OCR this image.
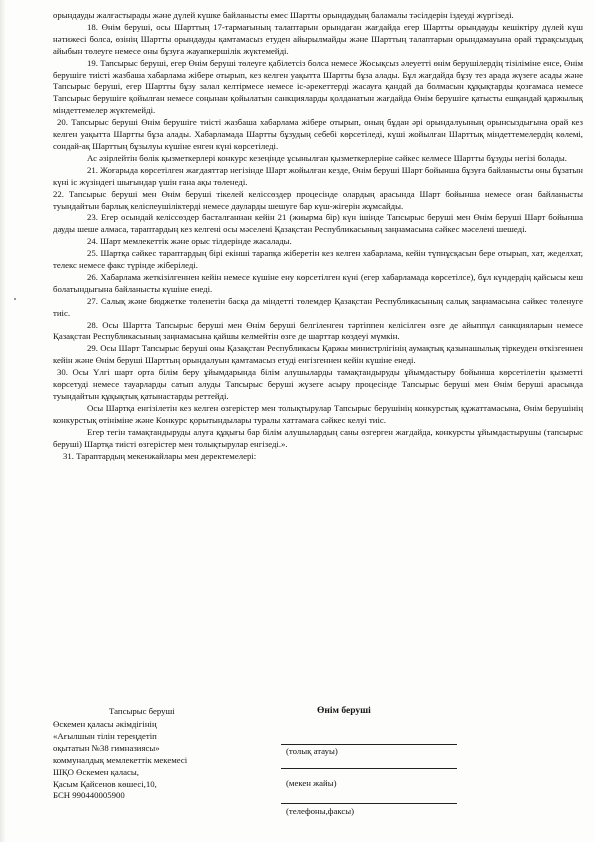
орындауды жалғастырады және дүлей күшке байланысты емес Шартты орындаудың баламалы тәсілдерін іздеуді жүргізеді.

18. Өнім беруші, осы Шарттың 17-тармағының талаптарын орындаған жағдайда егер Шартты орындауды кешіктіру дүлей күш нәтижесі болса, өзінің Шартты орындауды қамтамасыз етуден айырылмайды және Шарттың талаптарын орындамауына орай тұрақсыздық айыбын төлеуге немесе оны бұзуға жауапкершілік жүктемейді.

19. Тапсырыс беруші, егер Өнім беруші төлеуге қабілетсіз болса немесе Жосықсыз әлеуетті өнім берушілердің тізіліміне енсе, Өнім берушіге тиісті жазбаша хабарлама жібере отырып, кез келген уақытта Шартты бұза алады. Бұл жағдайда бұзу тез арада жүзеге асады және Тапсырыс беруші, егер Шартты бұзу залал келтірмесе немесе іс-әрекеттерді жасауға қандай да болмасын құқықтарды қозғамаса немесе Тапсырыс берушіге қойылған немесе соңынан қойылатын санкцияларды қолданатын жағдайда Өнім берушіге қатысты ешқандай қаржылық міндеттемелер жүктемейді.

20. Тапсырыс беруші Өнім берушіге тиісті жазбаша хабарлама жібере отырып, оның бұдан әрі орындалуының орынсыздығына орай кез келген уақытта Шартты бұза алады. Хабарламада Шартты бұзудың себебі көрсетіледі, күші жойылған Шарттық міндеттемелердің көлемі, сондай-ақ Шарттың бұзылуы күшіне енген күні көрсетіледі.

Ас әзірлейтін бөлік қызметкерлері конкурс кезеңінде ұсынылған қызметкерлеріне сәйкес келмесе Шартты бұзуды негізі болады.

21. Жоғарыда көрсетілген жағдаяттар негізінде Шарт жойылған кезде, Өнім беруші Шарт бойынша бұзуға байланысты оны бұзатын күні іс жүзіндегі шығындар үшін ғана ақы төленеді.

22. Тапсырыс беруші мен Өнім беруші тікелей келіссөздер процесінде олардың арасында Шарт бойынша немесе оған байланысты туындайтын барлық келіспеушіліктерді немесе дауларды шешуге бар күш-жігерін жұмсайды.

23. Егер осындай келіссөздер басталғаннан кейін 21 (жиырма бір) күн ішінде Тапсырыс беруші мен Өнім беруші Шарт бойынша дауды шеше алмаса, тараптардың кез келгені осы мәселені Қазақстан Республикасының заңнамасына сәйкес мәселені шешеді.

24. Шарт мемлекеттік және орыс тілдерінде жасалады.

25. Шартқа сәйкес тараптардың бірі екінші тарапқа жіберетін кез келген хабарлама, кейін түпнұсқасын бере отырып, хат, жеделхат, телекс немесе факс түрінде жіберіледі.

26. Хабарлама жеткізілгеннен кейін немесе күшіне ену көрсетілген күні (егер хабарламада көрсетілсе), бұл күндердің қайсысы кеш болатындығына байланысты күшіне енеді.

27. Салық және бюджетке төленетін басқа да міндетті төлемдер Қазақстан Республикасының салық заңнамасына сәйкес төленуге тиіс.

28. Осы Шартта Тапсырыс беруші мен Өнім беруші белгіленген тәртіппен келісілген өзге де айыппұл санкцияларын немесе Қазақстан Республикасының заңнамасына қайшы келмейтін өзге де шарттар көздеуі мүмкін.

29. Осы Шарт Тапсырыс беруші оны Қазақстан Республикасы Қаржы министрлігінің аумақтық қазынашылық тіркеуден өткізгеннен кейін және Өнім беруші Шарттың орындалуын қамтамасыз етуді енгізгеннен кейін күшіне енеді.

30. Осы Үлгі шарт орта білім беру ұйымдарында білім алушыларды тамақтандыруды ұйымдастыру бойынша көрсетілетін қызметті көрсетуді немесе тауарларды сатып алуды Тапсырыс беруші жүзеге асыру процесінде Тапсырыс беруші мен Өнім беруші арасында туындайтын құқықтық қатынастарды реттейді.

Осы Шартқа енгізілетін кез келген өзгерістер мен толықтырулар Тапсырыс берушінің конкурстық құжаттамасына, Өнім берушінің конкурстық өтініміне және Конкурс қорытындылары туралы хаттамаға сәйкес келуі тиіс.

Егер тегін тамақтандыруды алуға құқығы бар білім алушылардың саны өзгерген жағдайда, конкурсты ұйымдастырушы (тапсырыс беруші) Шартқа тиісті өзгерістер мен толықтырулар енгізеді.».

31. Тараптардың мекенжайлары мен деректемелері:

Тапсырыс беруші	Өнім беруші
Өскемен қаласы әкімдігінің
«Ағылшын тілін тереңдетіп
оқытатын №38 гимназиясы»
коммуналдық мемлекеттік мекемесі
ШҚО Өскемен қаласы,
Қасым Қайсенов көшесі,10,
БСН 990440005900
(толық атауы)
(мекен жайы)
(телефоны,факсы)
